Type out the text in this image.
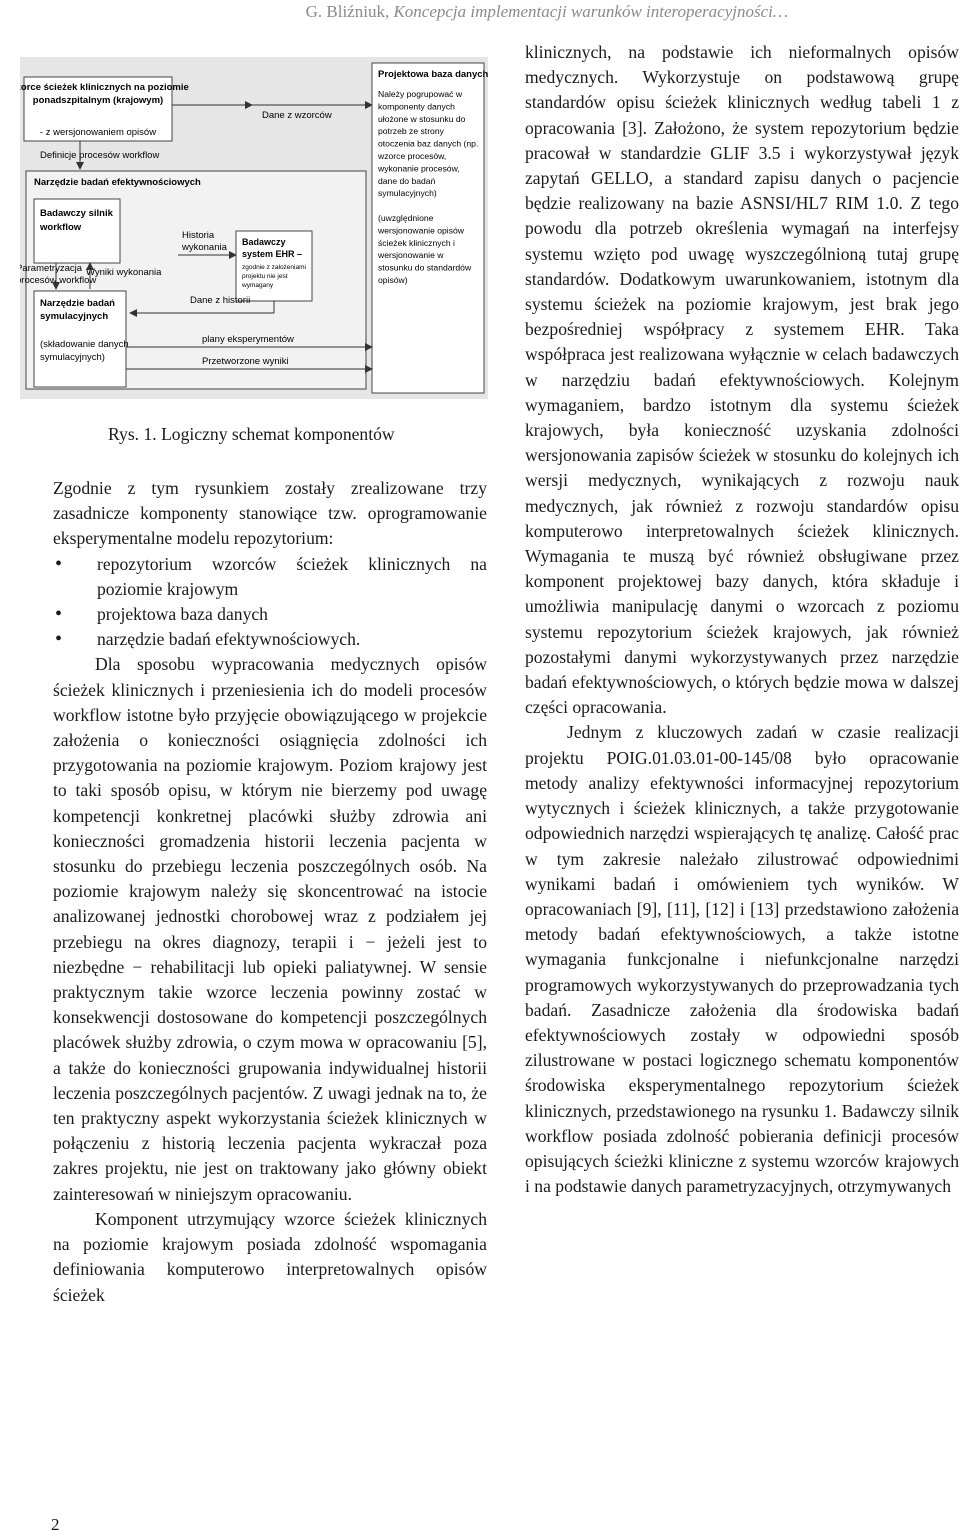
G. Bliźniuk, Koncepcja implementacji warunków interoperacyjności…
Wzorce ścieżek klinicznych na poziomie
ponadszpitalnym (krajowym)
- z wersjonowaniem opisów
Dane z wzorców
Definicje procesów workflow
Projektowa baza danych
Należy pogrupować w
komponenty danych
ułożone w stosunku do
potrzeb ze strony
otoczenia baz danych (np.
wzorce procesów,
wykonanie procesów,
dane do badań
symulacyjnych)
(uwzględnione
wersjonowanie opisów
ścieżek klinicznych i
wersjonowanie w
stosunku do standardów
opisów)
Narzędzie badań efektywnościowych
Badawczy silnik
workflow
Historia
wykonania Badawczy
system EHR –
zgodnie z założeniami
projektu nie jest
wymagany
Parametryzacja
procesów workflow
Wyniki wykonania
Dane z historii
Narzędzie badań
symulacyjnych
(składowanie danych
symulacyjnych)
plany eksperymentów
Przetworzone wyniki
Rys. 1. Logiczny schemat komponentów

Zgodnie z tym rysunkiem zostały zrealizowane trzy zasadnicze komponenty stanowiące tzw. oprogramowanie eksperymentalne modelu repozytorium:

• repozytorium wzorców ścieżek klinicznych na poziomie krajowym
• projektowa baza danych
• narzędzie badań efektywnościowych.

Dla sposobu wypracowania medycznych opisów ścieżek klinicznych i przeniesienia ich do modeli procesów workflow istotne było przyjęcie obowiązującego w projekcie założenia o konieczności osiągnięcia zdolności ich przygotowania na poziomie krajowym. Poziom krajowy jest to taki sposób opisu, w którym nie bierzemy pod uwagę kompetencji konkretnej placówki służby zdrowia ani konieczności gromadzenia historii leczenia pacjenta w stosunku do przebiegu leczenia poszczególnych osób. Na poziomie krajowym należy się skoncentrować na istocie analizowanej jednostki chorobowej wraz z podziałem jej przebiegu na okres diagnozy, terapii i − jeżeli jest to niezbędne − rehabilitacji lub opieki paliatywnej. W sensie praktycznym takie wzorce leczenia powinny zostać w konsekwencji dostosowane do kompetencji poszczególnych placówek służby zdrowia, o czym mowa w opracowaniu [5], a także do konieczności grupowania indywidualnej historii leczenia poszczególnych pacjentów. Z uwagi jednak na to, że ten praktyczny aspekt wykorzystania ścieżek klinicznych w połączeniu z historią leczenia pacjenta wykraczał poza zakres projektu, nie jest on traktowany jako główny obiekt zainteresowań w niniejszym opracowaniu.

Komponent utrzymujący wzorce ścieżek klinicznych na poziomie krajowym posiada zdolność wspomagania definiowania komputerowo interpretowalnych opisów ścieżek

klinicznych, na podstawie ich nieformalnych opisów medycznych. Wykorzystuje on podstawową grupę standardów opisu ścieżek klinicznych według tabeli 1 z opracowania [3]. Założono, że system repozytorium będzie pracował w standardzie GLIF 3.5 i wykorzystywał język zapytań GELLO, a standard zapisu danych o pacjencie będzie realizowany na bazie ASNSI/HL7 RIM 1.0. Z tego powodu dla potrzeb określenia wymagań na interfejsy systemu wzięto pod uwagę wyszczególnioną tutaj grupę standardów. Dodatkowym uwarunkowaniem, istotnym dla systemu ścieżek na poziomie krajowym, jest brak jego bezpośredniej współpracy z systemem EHR. Taka współpraca jest realizowana wyłącznie w celach badawczych w narzędziu badań efektywnościowych. Kolejnym wymaganiem, bardzo istotnym dla systemu ścieżek krajowych, była konieczność uzyskania zdolności wersjonowania zapisów ścieżek w stosunku do kolejnych ich wersji medycznych, wynikających z rozwoju nauk medycznych, jak również z rozwoju standardów opisu komputerowo interpretowalnych ścieżek klinicznych. Wymagania te muszą być również obsługiwane przez komponent projektowej bazy danych, która składuje i umożliwia manipulację danymi o wzorcach z poziomu systemu repozytorium ścieżek krajowych, jak również pozostałymi danymi wykorzystywanych przez narzędzie badań efektywnościowych, o których będzie mowa w dalszej części opracowania.

Jednym z kluczowych zadań w czasie realizacji projektu POIG.01.03.01-00-145/08 było opracowanie metody analizy efektywności informacyjnej repozytorium wytycznych i ścieżek klinicznych, a także przygotowanie odpowiednich narzędzi wspierających tę analizę. Całość prac w tym zakresie należało zilustrować odpowiednimi wynikami badań i omówieniem tych wyników. W opracowaniach [9], [11], [12] i [13] przedstawiono założenia metody badań efektywnościowych, a także istotne wymagania funkcjonalne i niefunkcjonalne narzędzi programowych wykorzystywanych do przeprowadzania tych badań. Zasadnicze założenia dla środowiska badań efektywnościowych zostały w odpowiedni sposób zilustrowane w postaci logicznego schematu komponentów środowiska eksperymentalnego repozytorium ścieżek klinicznych, przedstawionego na rysunku 1. Badawczy silnik workflow posiada zdolność pobierania definicji procesów opisujących ścieżki kliniczne z systemu wzorców krajowych i na podstawie danych parametryzacyjnych, otrzymywanych

2
